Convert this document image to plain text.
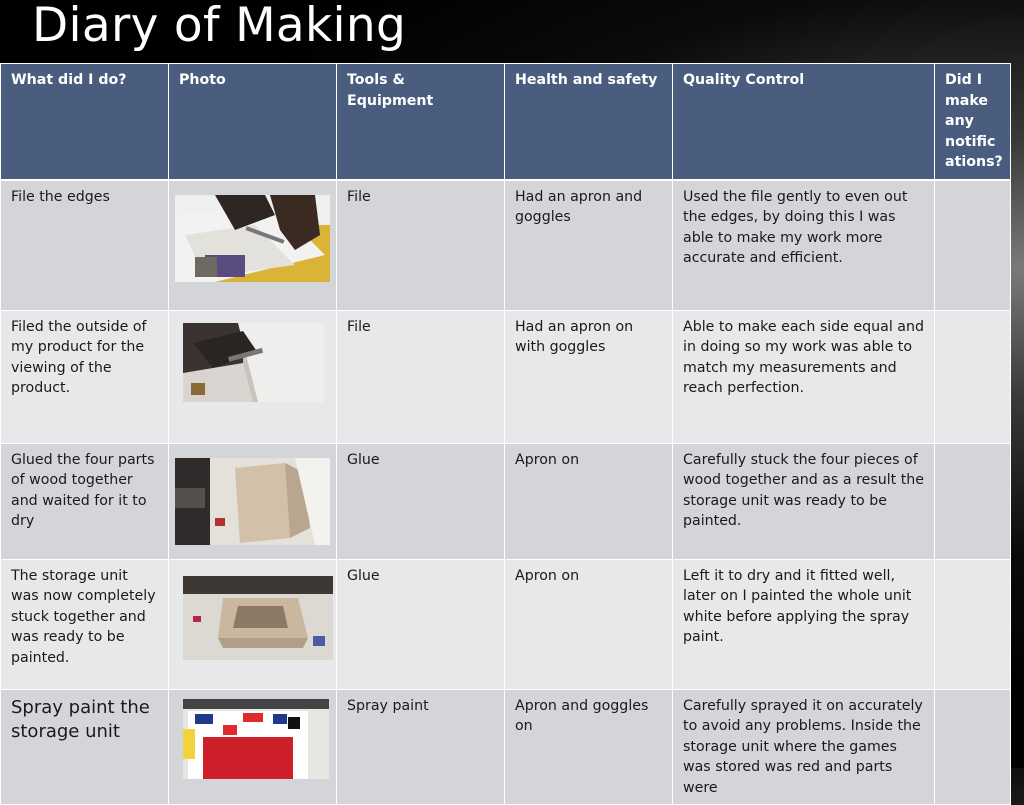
Diary of Making
What did I do?	Photo	Tools & Equipment	Health and safety	Quality Control	Did I make any notific ations?
File the edges		File	Had an apron and goggles	Used the file gently to even out the edges, by doing this I was able to make my work more accurate and efficient.	
Filed the outside of my product for the viewing of the product.		File	Had an apron on with goggles	Able to make each side equal and in doing so my work was able to match my measurements and reach perfection.	
Glued the four parts of wood together and waited for it to dry		Glue	Apron on	Carefully stuck the four pieces of wood together and as a result the storage unit was ready to be painted.	
The storage unit was now completely stuck together and was ready to be painted.		Glue	Apron on	Left it to dry and it fitted well, later on I painted the whole unit white before applying the spray paint.	
Spray paint the storage unit		Spray paint	Apron and goggles on	Carefully sprayed it on accurately to avoid any problems. Inside the storage unit where the games was stored was red and parts were	
